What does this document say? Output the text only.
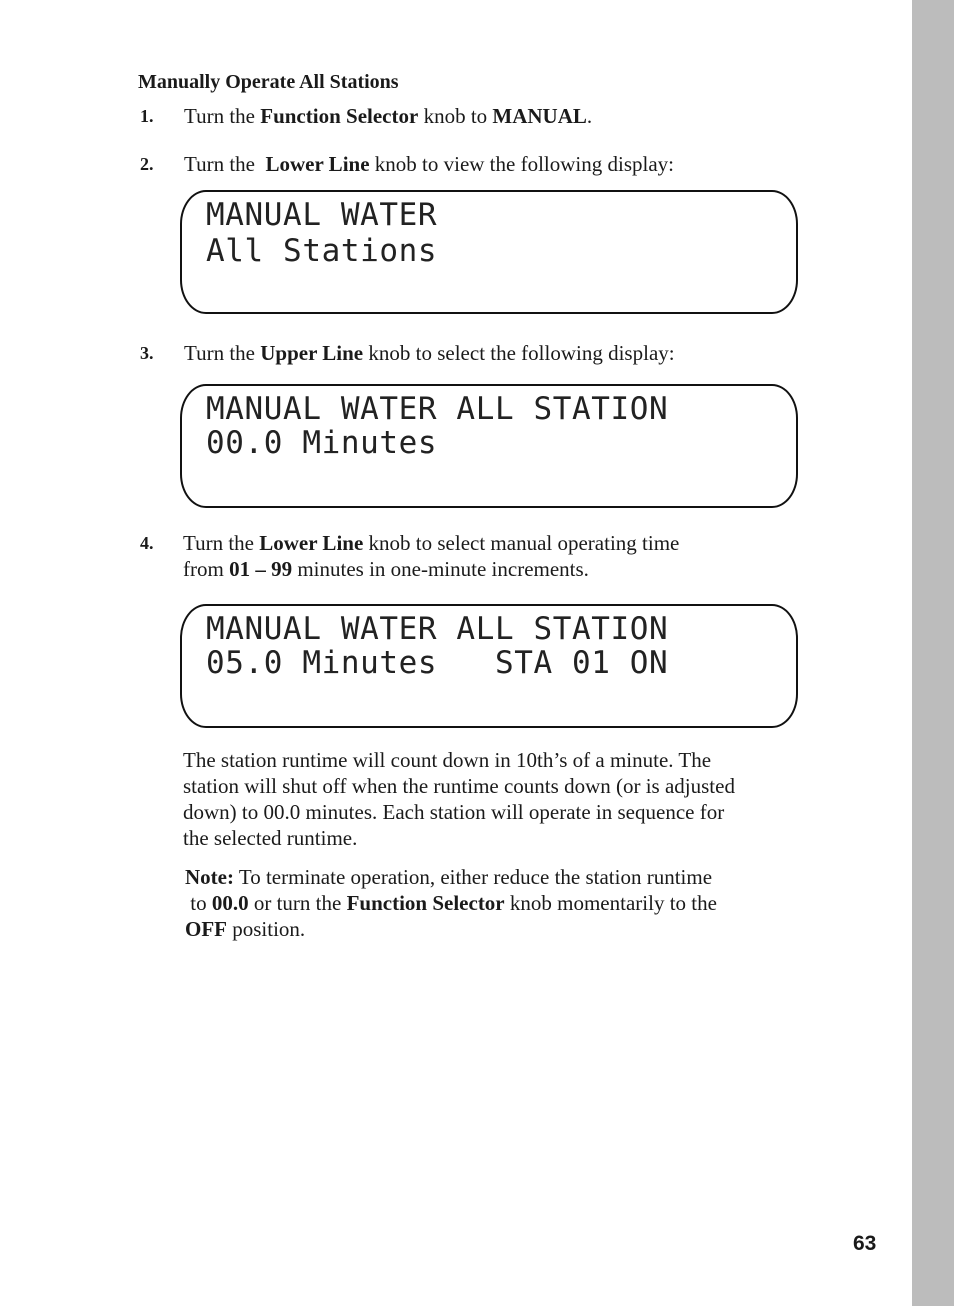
Manually Operate All Stations
1. Turn the Function Selector knob to MANUAL.
2. Turn the  Lower Line knob to view the following display:
MANUAL WATER
All Stations
3. Turn the Upper Line knob to select the following display:
MANUAL WATER ALL STATION
00.0 Minutes
4. Turn the Lower Line knob to select manual operating time
from 01 – 99 minutes in one-minute increments.
MANUAL WATER ALL STATION
05.0 Minutes   STA 01 ON
The station runtime will count down in 10th’s of a minute. The
station will shut off when the runtime counts down (or is adjusted
down) to 00.0 minutes. Each station will operate in sequence for
the selected runtime.
Note: To terminate operation, either reduce the station runtime
to 00.0 or turn the Function Selector knob momentarily to the
OFF position.
63
